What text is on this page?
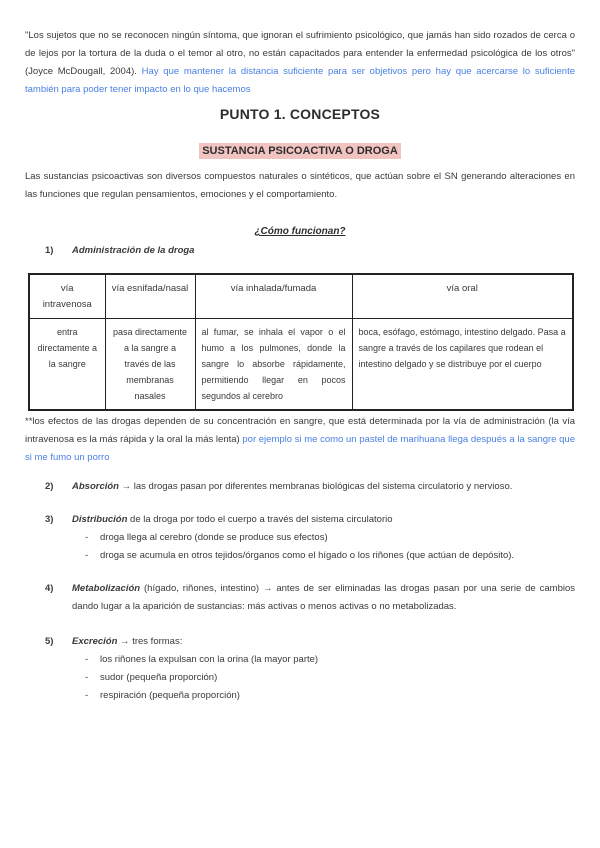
"Los sujetos que no se reconocen ningún síntoma, que ignoran el sufrimiento psicológico, que jamás han sido rozados de cerca o de lejos por la tortura de la duda o el temor al otro, no están capacitados para entender la enfermedad psicológica de los otros" (Joyce McDougall, 2004). Hay que mantener la distancia suficiente para ser objetivos pero hay que acercarse lo suficiente también para poder tener impacto en lo que hacemos

PUNTO 1. CONCEPTOS
SUSTANCIA PSICOACTIVA O DROGA

Las sustancias psicoactivas son diversos compuestos naturales o sintéticos, que actúan sobre el SN generando alteraciones en las funciones que regulan pensamientos, emociones y el comportamiento.

¿Cómo funcionan?
1)	Administración de la droga
vía intravenosa	vía esnifada/nasal	vía inhalada/fumada	vía oral
entra directamente a la sangre	pasa directamente a la sangre a través de las membranas nasales	al fumar, se inhala el vapor o el humo a los pulmones, donde la sangre lo absorbe rápidamente, permitiendo llegar en pocos segundos al cerebro	boca, esófago, estómago, intestino delgado. Pasa a sangre a través de los capilares que rodean el intestino delgado y se distribuye por el cuerpo

**los efectos de las drogas dependen de su concentración en sangre, que está determinada por la vía de administración (la vía intravenosa es la más rápida y la oral la más lenta) por ejemplo si me como un pastel de marihuana llega después a la sangre que si me fumo un porro

2)	Absorción → las drogas pasan por diferentes membranas biológicas del sistema circulatorio y nervioso.
3)	Distribución de la droga por todo el cuerpo a través del sistema circulatorio
-	droga llega al cerebro (donde se produce sus efectos)
-	droga se acumula en otros tejidos/órganos como el hígado o los riñones (que actúan de depósito).
4)	Metabolización (hígado, riñones, intestino) → antes de ser eliminadas las drogas pasan por una serie de cambios dando lugar a la aparición de sustancias: más activas o menos activas o no metabolizadas.
5)	Excreción → tres formas:
-	los riñones la expulsan con la orina (la mayor parte)
-	sudor (pequeña proporción)
-	respiración (pequeña proporción)
